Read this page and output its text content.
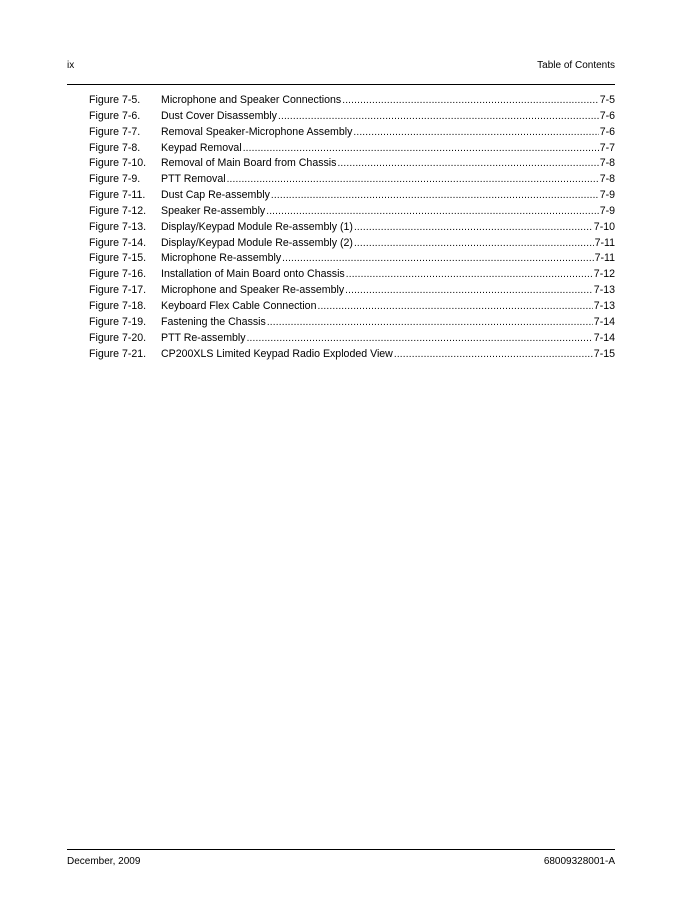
ix	Table of Contents
Figure 7-5.	Microphone and Speaker Connections .....	7-5
Figure 7-6.	Dust Cover Disassembly .....	7-6
Figure 7-7.	Removal Speaker-Microphone Assembly .....	7-6
Figure 7-8.	Keypad Removal .....	7-7
Figure 7-10.	Removal of Main Board from Chassis .....	7-8
Figure 7-9.	PTT Removal .....	7-8
Figure 7-11.	Dust Cap Re-assembly .....	7-9
Figure 7-12.	Speaker Re-assembly .....	7-9
Figure 7-13.	Display/Keypad Module Re-assembly (1) .....	7-10
Figure 7-14.	Display/Keypad Module Re-assembly (2) .....	7-11
Figure 7-15.	Microphone Re-assembly .....	7-11
Figure 7-16.	Installation of Main Board onto Chassis .....	7-12
Figure 7-17.	Microphone and Speaker Re-assembly .....	7-13
Figure 7-18.	Keyboard Flex Cable Connection .....	7-13
Figure 7-19.	Fastening the Chassis .....	7-14
Figure 7-20.	PTT Re-assembly .....	7-14
Figure 7-21.	CP200XLS Limited Keypad Radio Exploded View .....	7-15
December, 2009	68009328001-A
